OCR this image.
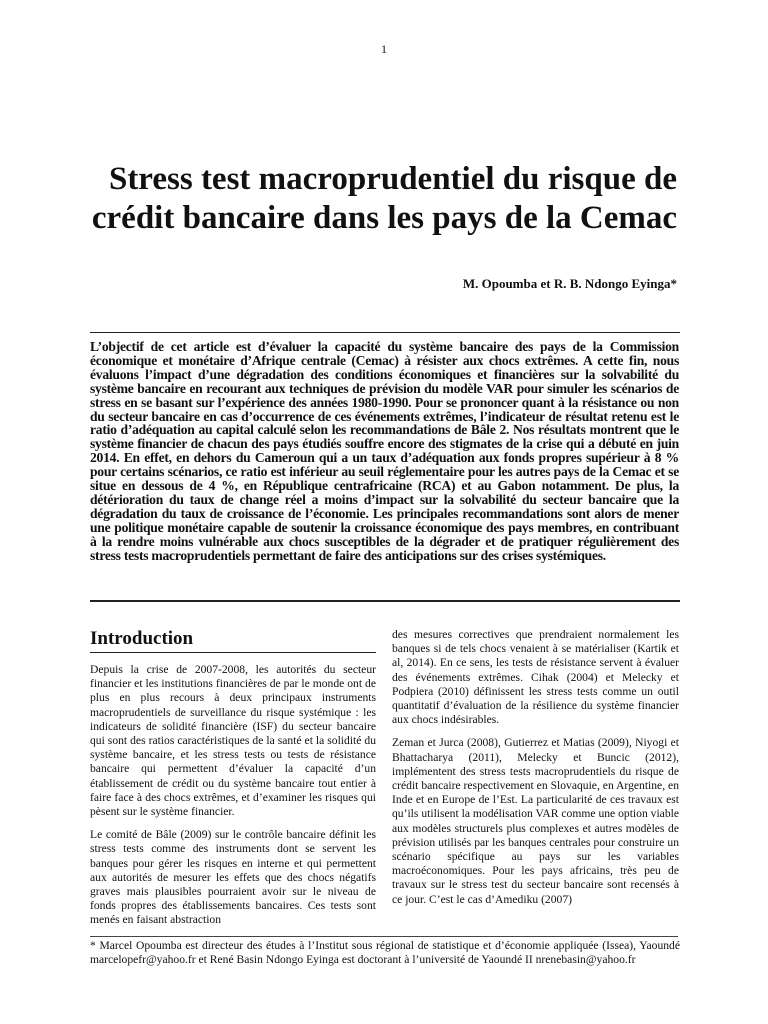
1
Stress test macroprudentiel du risque de crédit bancaire dans les pays de la Cemac
M. Opoumba et R. B. Ndongo Eyinga*

L’objectif de cet article est d’évaluer la capacité du système bancaire des pays de la Commission économique et monétaire d’Afrique centrale (Cemac) à résister aux chocs extrêmes. A cette fin, nous évaluons l’impact d’une dégradation des conditions économiques et financières sur la solvabilité du système bancaire en recourant aux techniques de prévision du modèle VAR pour simuler les scénarios de stress en se basant sur l’expérience des années 1980-1990. Pour se prononcer quant à la résistance ou non du secteur bancaire en cas d’occurrence de ces événements extrêmes, l’indicateur de résultat retenu est le ratio d’adéquation au capital calculé selon les recommandations de Bâle 2. Nos résultats montrent que le système financier de chacun des pays étudiés souffre encore des stigmates de la crise qui a débuté en juin 2014. En effet, en dehors du Cameroun qui a un taux d’adéquation aux fonds propres supérieur à 8 % pour certains scénarios, ce ratio est inférieur au seuil réglementaire pour les autres pays de la Cemac et se situe en dessous de 4 %, en République centrafricaine (RCA) et au Gabon notamment. De plus, la détérioration du taux de change réel a moins d’impact sur la solvabilité du secteur bancaire que la dégradation du taux de croissance de l’économie. Les principales recommandations sont alors de mener une politique monétaire capable de soutenir la croissance économique des pays membres, en contribuant à la rendre moins vulnérable aux chocs susceptibles de la dégrader et de pratiquer régulièrement des stress tests macroprudentiels permettant de faire des anticipations sur des crises systémiques.

Introduction

Depuis la crise de 2007-2008, les autorités du secteur financier et les institutions financières de par le monde ont de plus en plus recours à deux principaux instruments macroprudentiels de surveillance du risque systémique : les indicateurs de solidité financière (ISF) du secteur bancaire qui sont des ratios caractéristiques de la santé et la solidité du système bancaire, et les stress tests ou tests de résistance bancaire qui permettent d’évaluer la capacité d’un établissement de crédit ou du système bancaire tout entier à faire face à des chocs extrêmes, et d’examiner les risques qui pèsent sur le système financier.

Le comité de Bâle (2009) sur le contrôle bancaire définit les stress tests comme des instruments dont se servent les banques pour gérer les risques en interne et qui permettent aux autorités de mesurer les effets que des chocs négatifs graves mais plausibles pourraient avoir sur le niveau de fonds propres des établissements bancaires. Ces tests sont menés en faisant abstraction

des mesures correctives que prendraient normalement les banques si de tels chocs venaient à se matérialiser (Kartik et al, 2014). En ce sens, les tests de résistance servent à évaluer des événements extrêmes. Cihak (2004) et Melecky et Podpiera (2010) définissent les stress tests comme un outil quantitatif d’évaluation de la résilience du système financier aux chocs indésirables.

Zeman et Jurca (2008), Gutierrez et Matias (2009), Niyogi et Bhattacharya (2011), Melecky et Buncic (2012), implémentent des stress tests macroprudentiels du risque de crédit bancaire respectivement en Slovaquie, en Argentine, en Inde et en Europe de l’Est. La particularité de ces travaux est qu’ils utilisent la modélisation VAR comme une option viable aux modèles structurels plus complexes et autres modèles de prévision utilisés par les banques centrales pour construire un scénario spécifique au pays sur les variables macroéconomiques. Pour les pays africains, très peu de travaux sur le stress test du secteur bancaire sont recensés à ce jour. C’est le cas d’Amediku (2007)

* Marcel Opoumba est directeur des études à l’Institut sous régional de statistique et d’économie appliquée (Issea), Yaoundé marcelopefr@yahoo.fr et René Basin Ndongo Eyinga est doctorant à l’université de Yaoundé II nrenebasin@yahoo.fr
